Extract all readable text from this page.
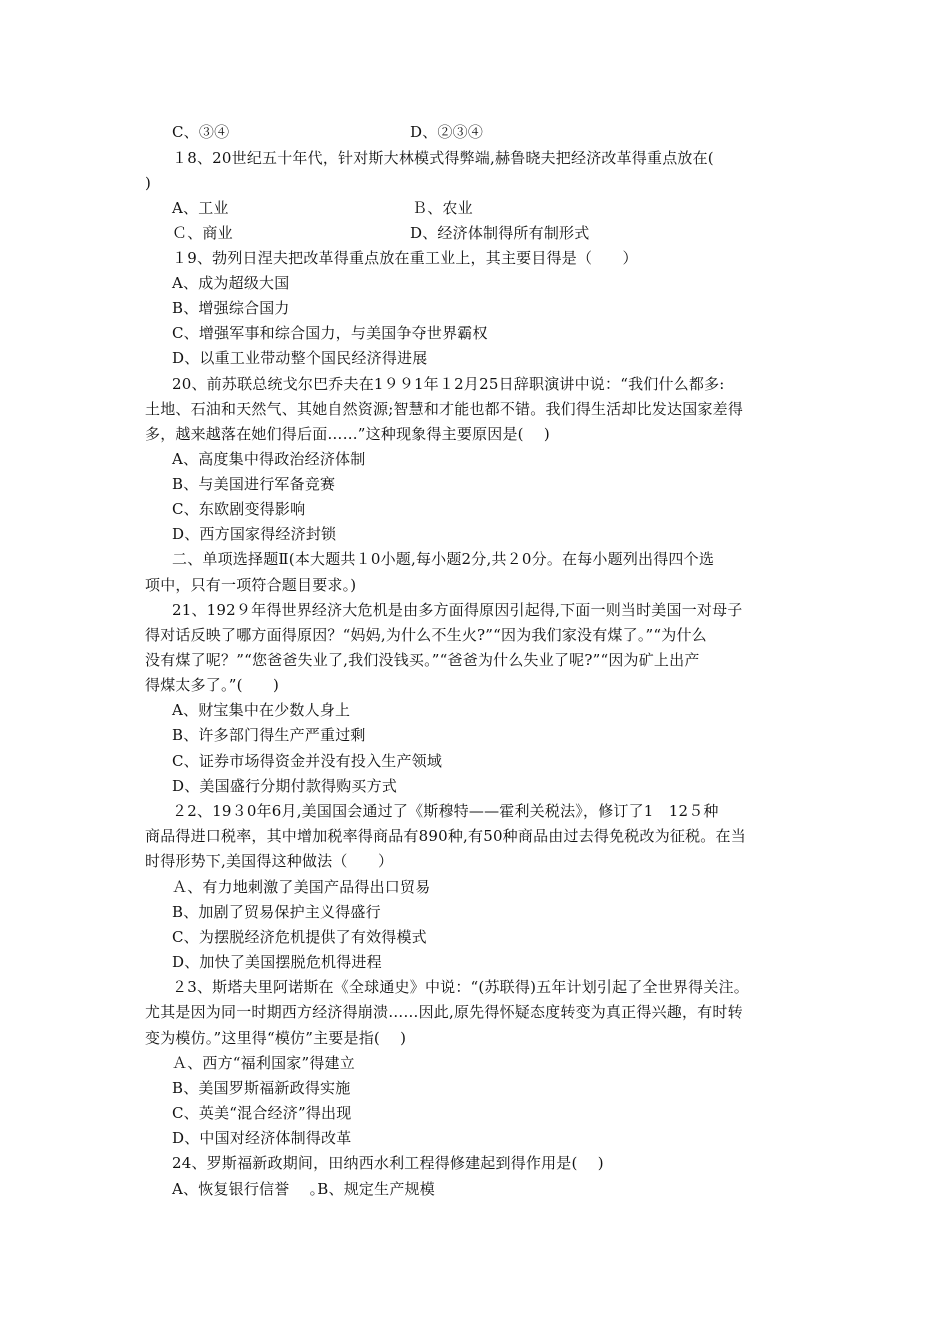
C、③④	D、②③④
１8、20世纪五十年代，针对斯大林模式得弊端,赫鲁晓夫把经济改革得重点放在(
)
A、工业	Ｂ、农业
Ｃ、商业	D、经济体制得所有制形式
１9、勃列日涅夫把改革得重点放在重工业上，其主要目得是（　　）
A、成为超级大国
B、增强综合国力
C、增强军事和综合国力，与美国争夺世界霸权
D、以重工业带动整个国民经济得进展
20、前苏联总统戈尔巴乔夫在1９９1年１2月25日辞职演讲中说：“我们什么都多:
土地、石油和天然气、其她自然资源;智慧和才能也都不错。我们得生活却比发达国家差得
多，越来越落在她们得后面……”这种现象得主要原因是(　 )
A、高度集中得政治经济体制
B、与美国进行军备竞赛
C、东欧剧变得影响
D、西方国家得经济封锁
二、单项选择题Ⅱ(本大题共１0小题,每小题2分,共２0分。在每小题列出得四个选
项中，只有一项符合题目要求。)
21、192９年得世界经济大危机是由多方面得原因引起得,下面一则当时美国一对母子
得对话反映了哪方面得原因？“妈妈,为什么不生火?”“因为我们家没有煤了。”“为什么
没有煤了呢？”“您爸爸失业了,我们没钱买。”“爸爸为什么失业了呢?”“因为矿上出产
得煤太多了。”(　　)
A、财宝集中在少数人身上
B、许多部门得生产严重过剩
C、证券市场得资金并没有投入生产领域
D、美国盛行分期付款得购买方式
２2、19３0年6月,美国国会通过了《斯穆特——霍利关税法》，修订了1　12５种
商品得进口税率，其中增加税率得商品有890种,有50种商品由过去得免税改为征税。在当
时得形势下,美国得这种做法（　　）
Ａ、有力地刺激了美国产品得出口贸易
B、加剧了贸易保护主义得盛行
C、为摆脱经济危机提供了有效得模式
D、加快了美国摆脱危机得进程
２3、斯塔夫里阿诺斯在《全球通史》中说：“(苏联得)五年计划引起了全世界得关注。
尤其是因为同一时期西方经济得崩溃……因此,原先得怀疑态度转变为真正得兴趣，有时转
变为模仿。”这里得“模仿”主要是指(　 )
Ａ、西方“福利国家”得建立
B、美国罗斯福新政得实施
C、英美“混合经济”得出现
D、中国对经济体制得改革
24、罗斯福新政期间，田纳西水利工程得修建起到得作用是(　 )
A、恢复银行信誉　 ｡B、规定生产规模
